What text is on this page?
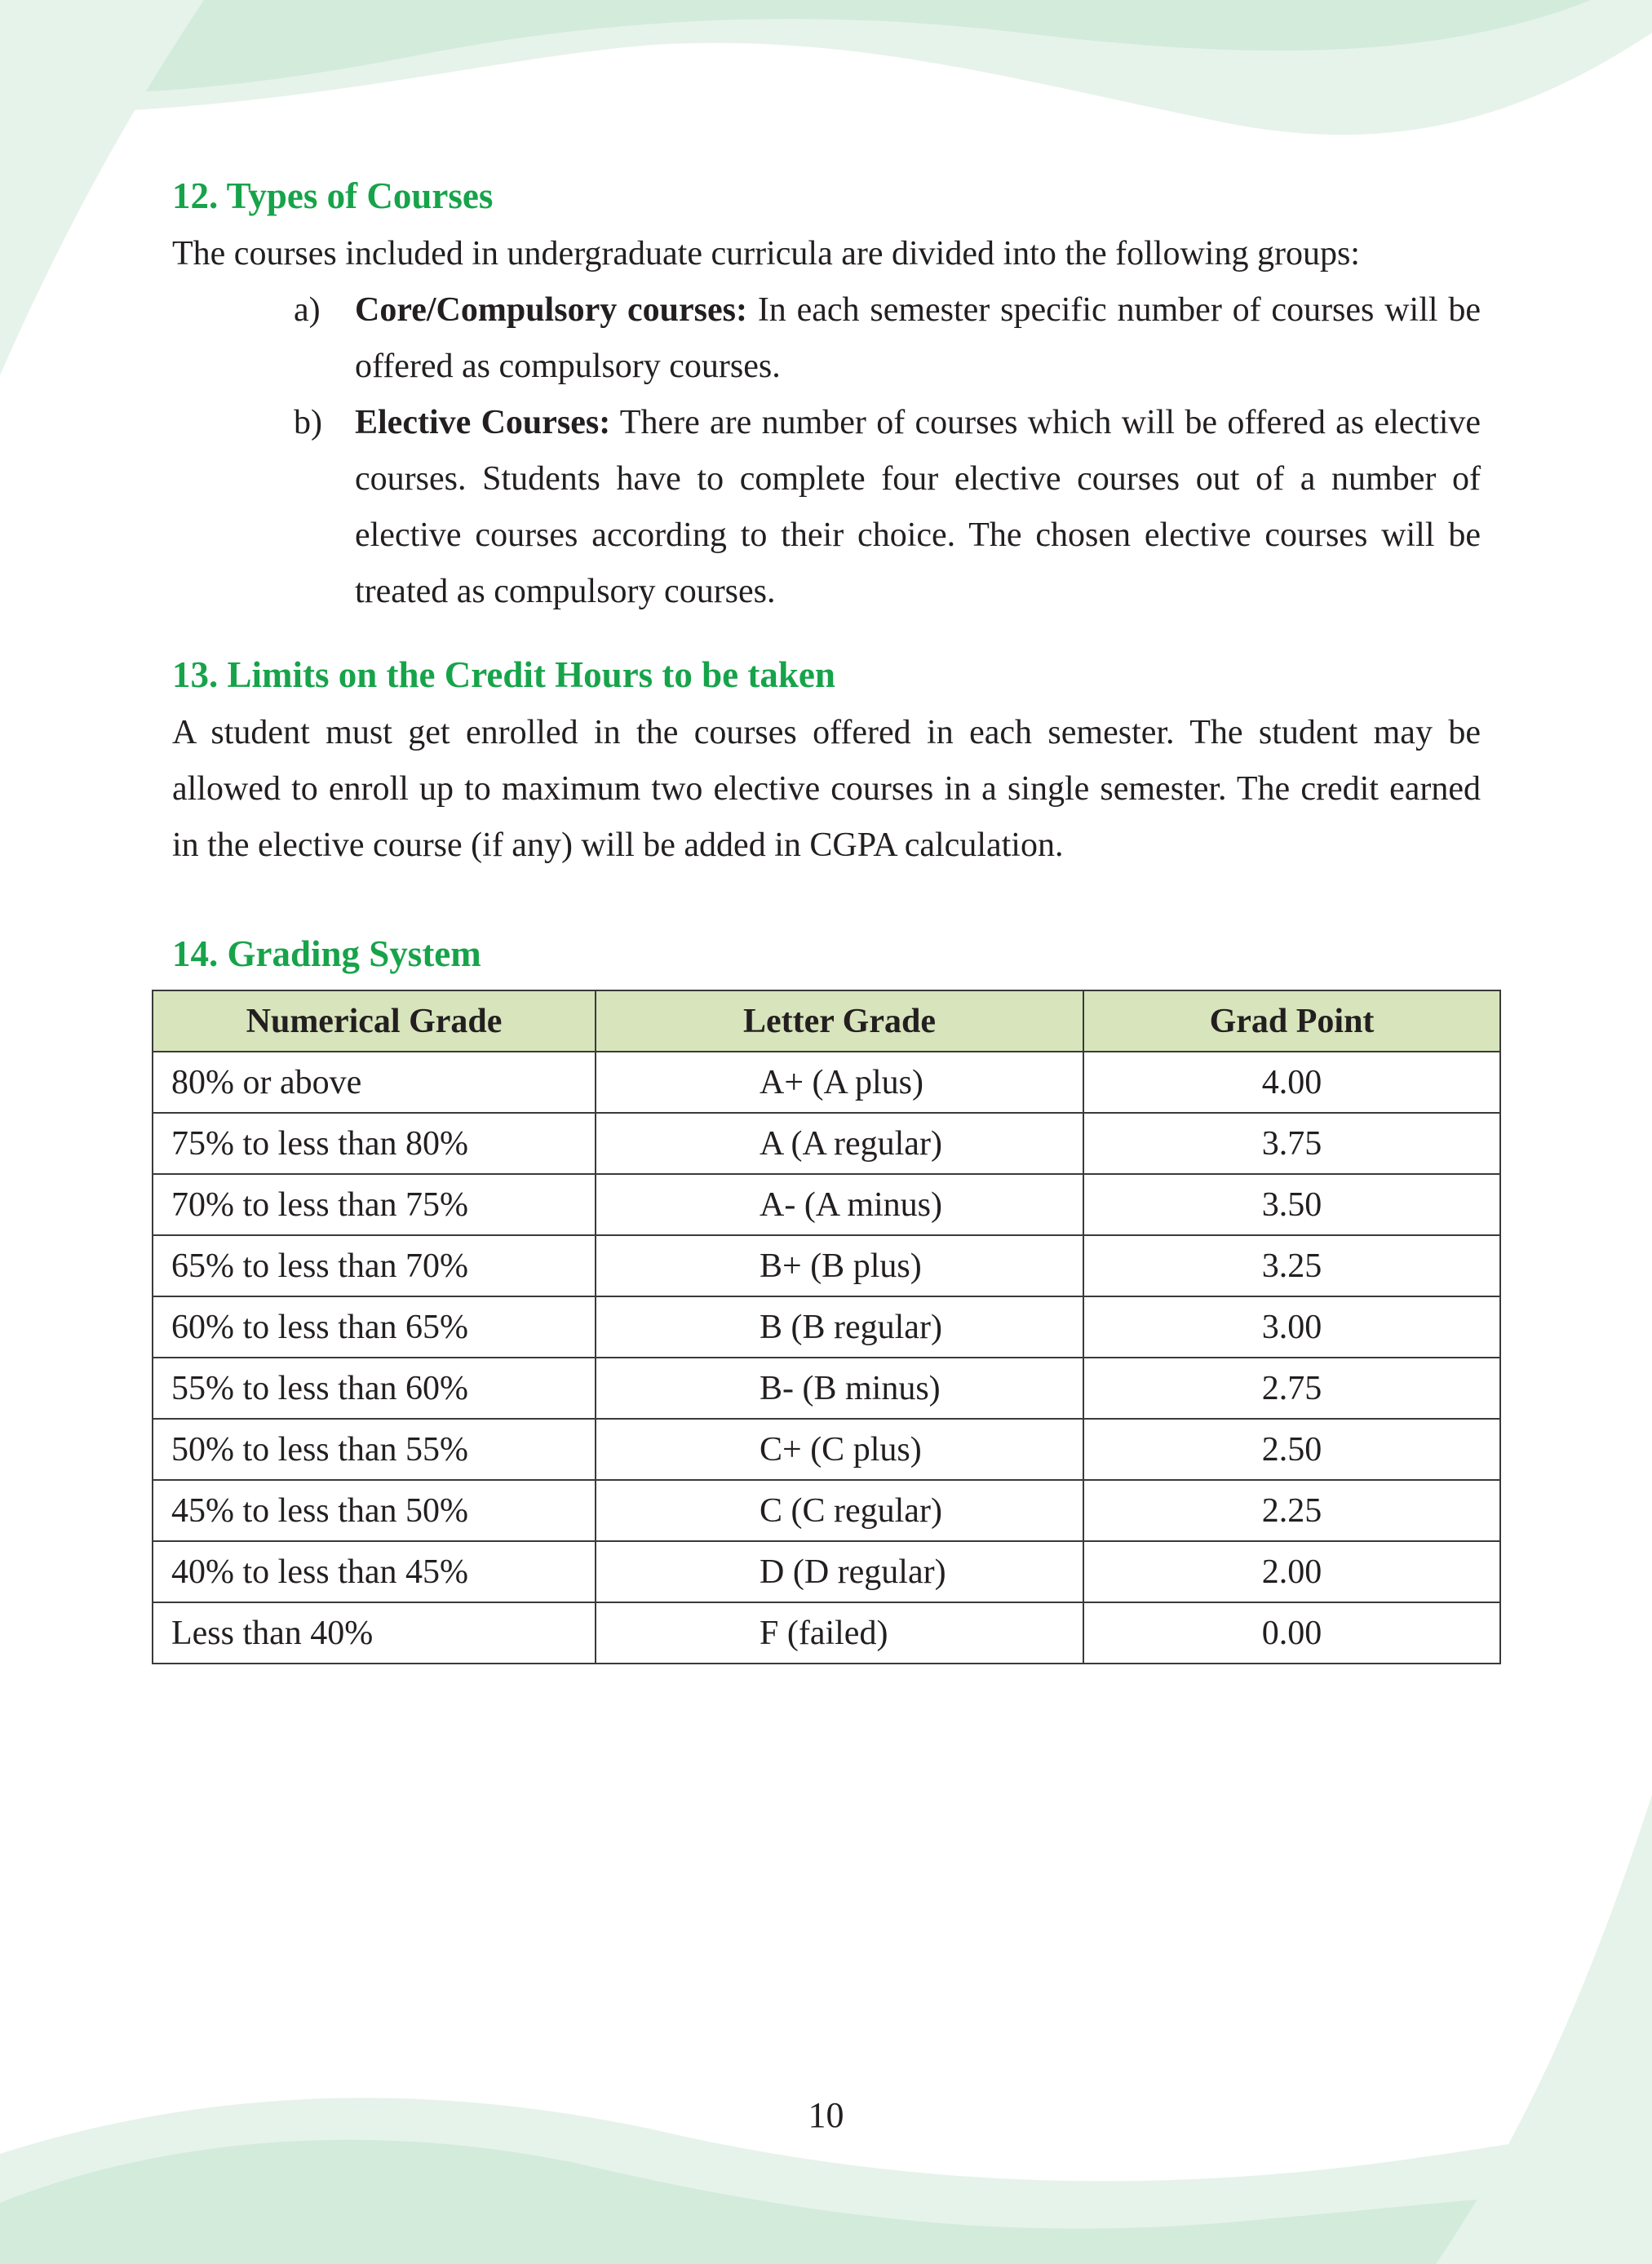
12. Types of Courses

The courses included in undergraduate curricula are divided into the following groups:

a)	Core/Compulsory courses: In each semester specific number of courses will be offered as compulsory courses.

b) Elective Courses: There are number of courses which will be offered as elective courses. Students have to complete four elective courses out of a number of elective courses according to their choice. The chosen elective courses will be treated as compulsory courses.

13. Limits on the Credit Hours to be taken

A student must get enrolled in the courses offered in each semester. The student may be allowed to enroll up to maximum two elective courses in a single semester. The credit earned in the elective course (if any) will be added in CGPA calculation.

14. Grading System
Numerical Grade	Letter Grade	Grad Point
80% or above	A+ (A plus)	4.00
75% to less than 80%	A (A regular)	3.75
70% to less than 75%	A- (A minus)	3.50
65% to less than 70%	B+ (B plus)	3.25
60% to less than 65%	B (B regular)	3.00
55% to less than 60%	B- (B minus)	2.75
50% to less than 55%	C+ (C plus)	2.50
45% to less than 50%	C (C regular)	2.25
40% to less than 45%	D (D regular)	2.00
Less than 40%	F (failed)	0.00
10
